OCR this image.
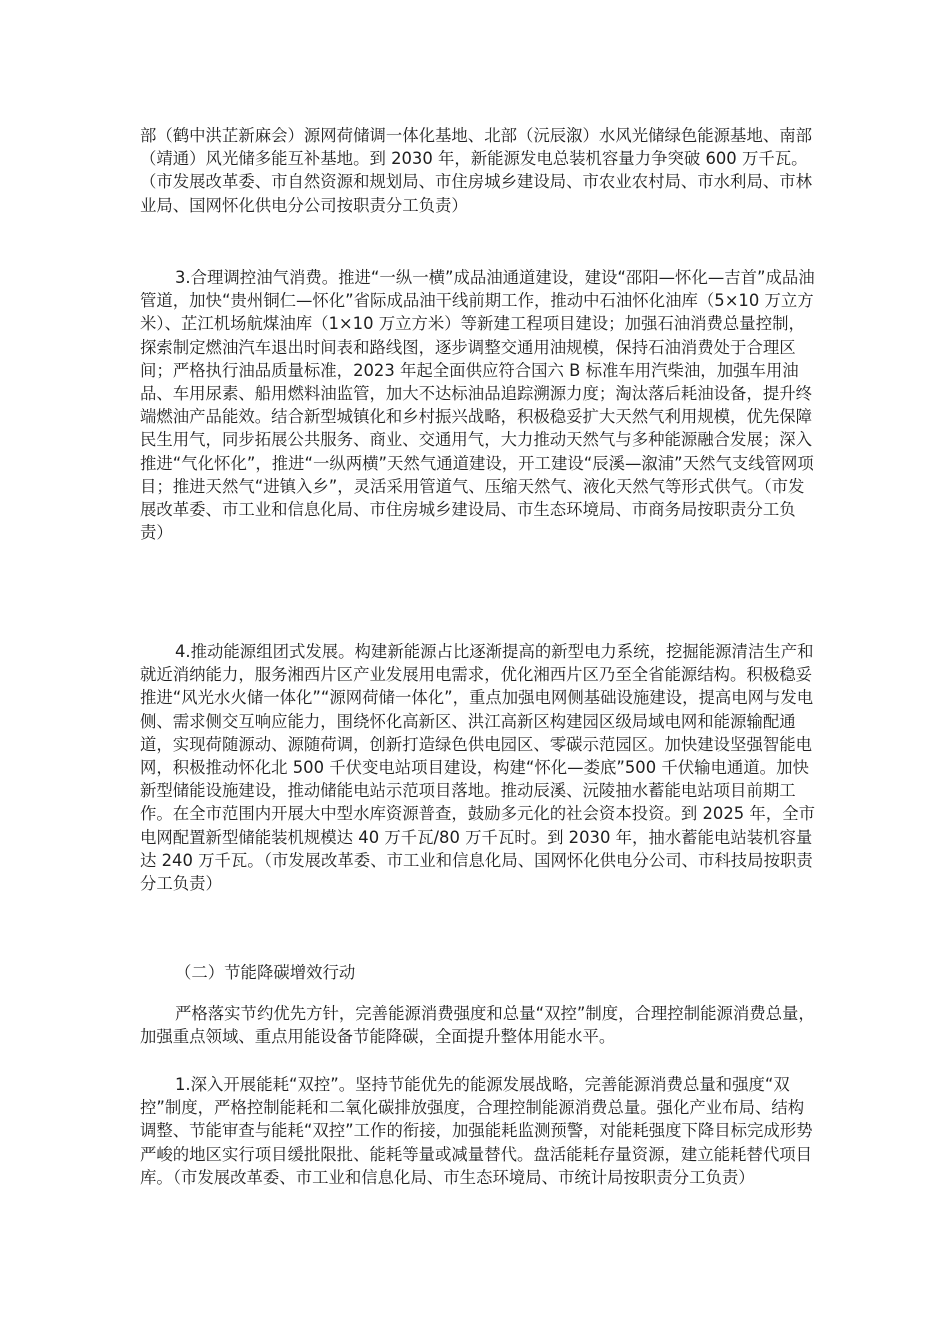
部（鹤中洪芷新麻会）源网荷储调一体化基地、北部（沅辰溆）水风光储绿色能源基地、南部（靖通）风光储多能互补基地。到 2030 年，新能源发电总装机容量力争突破 600 万千瓦。（市发展改革委、市自然资源和规划局、市住房城乡建设局、市农业农村局、市水利局、市林业局、国网怀化供电分公司按职责分工负责）

3.合理调控油气消费。推进“一纵一横”成品油通道建设，建设“邵阳—怀化—吉首”成品油管道，加快“贵州铜仁—怀化”省际成品油干线前期工作，推动中石油怀化油库（5×10 万立方米）、芷江机场航煤油库（1×10 万立方米）等新建工程项目建设；加强石油消费总量控制，探索制定燃油汽车退出时间表和路线图，逐步调整交通用油规模，保持石油消费处于合理区间；严格执行油品质量标准，2023 年起全面供应符合国六 B 标准车用汽柴油，加强车用油品、车用尿素、船用燃料油监管，加大不达标油品追踪溯源力度；淘汰落后耗油设备，提升终端燃油产品能效。结合新型城镇化和乡村振兴战略，积极稳妥扩大天然气利用规模，优先保障民生用气，同步拓展公共服务、商业、交通用气，大力推动天然气与多种能源融合发展；深入推进“气化怀化”，推进“一纵两横”天然气通道建设，开工建设“辰溪—溆浦”天然气支线管网项目；推进天然气“进镇入乡”，灵活采用管道气、压缩天然气、液化天然气等形式供气。（市发展改革委、市工业和信息化局、市住房城乡建设局、市生态环境局、市商务局按职责分工负责）

4.推动能源组团式发展。构建新能源占比逐渐提高的新型电力系统，挖掘能源清洁生产和就近消纳能力，服务湘西片区产业发展用电需求，优化湘西片区乃至全省能源结构。积极稳妥推进“风光水火储一体化”“源网荷储一体化”，重点加强电网侧基础设施建设，提高电网与发电侧、需求侧交互响应能力，围绕怀化高新区、洪江高新区构建园区级局域电网和能源输配通道，实现荷随源动、源随荷调，创新打造绿色供电园区、零碳示范园区。加快建设坚强智能电网，积极推动怀化北 500 千伏变电站项目建设，构建“怀化—娄底”500 千伏输电通道。加快新型储能设施建设，推动储能电站示范项目落地。推动辰溪、沅陵抽水蓄能电站项目前期工作。在全市范围内开展大中型水库资源普查，鼓励多元化的社会资本投资。到 2025 年，全市电网配置新型储能装机规模达 40 万千瓦/80 万千瓦时。到 2030 年，抽水蓄能电站装机容量达 240 万千瓦。（市发展改革委、市工业和信息化局、国网怀化供电分公司、市科技局按职责分工负责）

（二）节能降碳增效行动

严格落实节约优先方针，完善能源消费强度和总量“双控”制度，合理控制能源消费总量，加强重点领域、重点用能设备节能降碳，全面提升整体用能水平。

1.深入开展能耗“双控”。坚持节能优先的能源发展战略，完善能源消费总量和强度“双控”制度，严格控制能耗和二氧化碳排放强度，合理控制能源消费总量。强化产业布局、结构调整、节能审查与能耗“双控”工作的衔接，加强能耗监测预警，对能耗强度下降目标完成形势严峻的地区实行项目缓批限批、能耗等量或减量替代。盘活能耗存量资源，建立能耗替代项目库。（市发展改革委、市工业和信息化局、市生态环境局、市统计局按职责分工负责）
